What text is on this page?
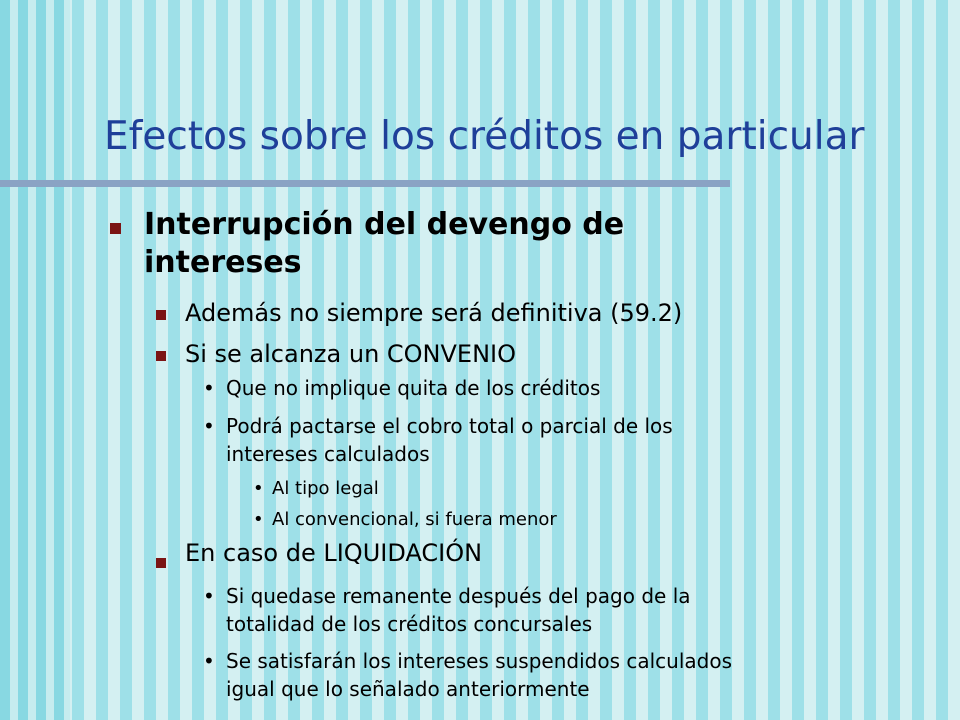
Efectos sobre los créditos en particular

Interrupción del devengo de

intereses

Además no siempre será definitiva (59.2)

Si se alcanza un CONVENIO

• Que no implique quita de los créditos

• Podrá pactarse el cobro total o parcial de los

intereses calculados

• Al tipo legal

• Al convencional, si fuera menor

En caso de LIQUIDACIÓN

• Si quedase remanente después del pago de la

totalidad de los créditos concursales

• Se satisfarán los intereses suspendidos calculados

igual que lo señalado anteriormente
